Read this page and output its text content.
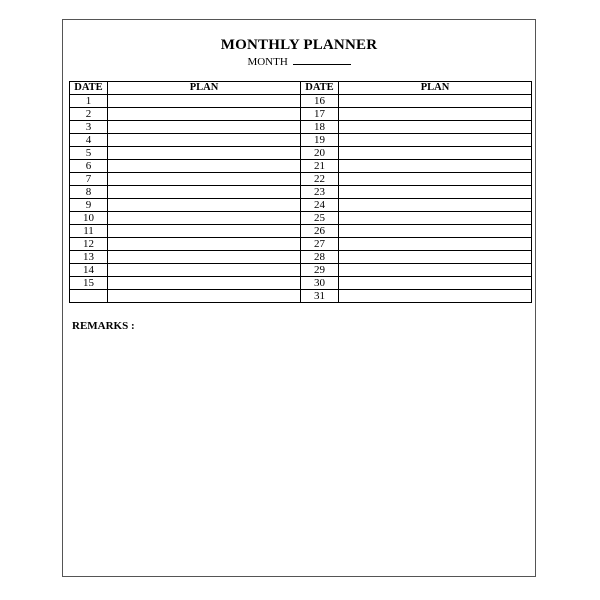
MONTHLY PLANNER
MONTH
DATE	PLAN	DATE	PLAN
1		16	
2		17	
3		18	
4		19	
5		20	
6		21	
7		22	
8		23	
9		24	
10		25	
11		26	
12		27	
13		28	
14		29	
15		30	
		31	
REMARKS :
